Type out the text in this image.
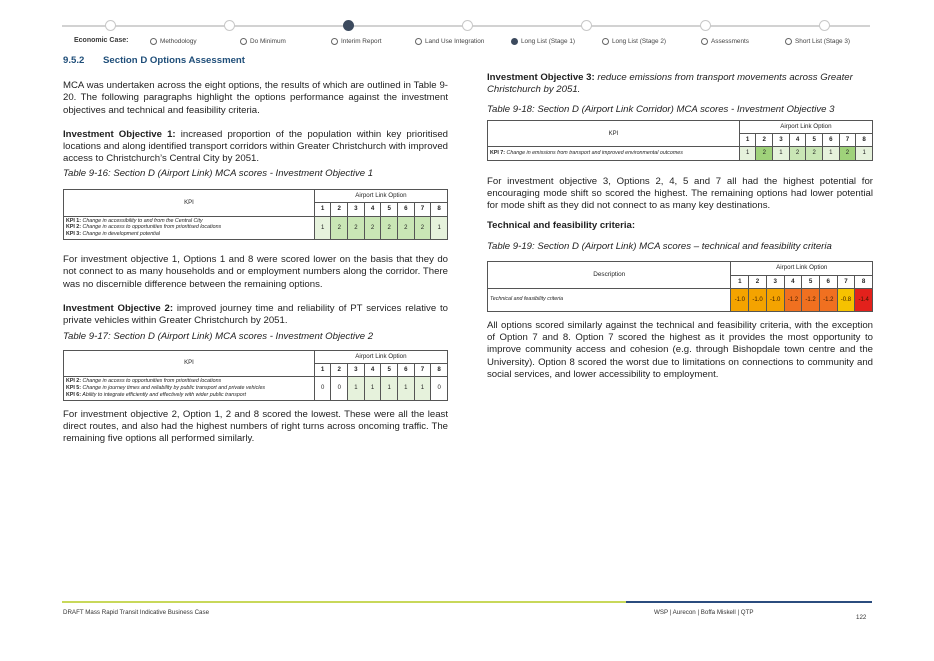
Economic Case:	Methodology	Do Minimum	Interim Report	Land Use Integration	Long List (Stage 1)	Long List (Stage 2)	Assessments	Short List (Stage 3)
9.5.2 Section D Options Assessment

MCA was undertaken across the eight options, the results of which are outlined in Table 9-20. The following paragraphs highlight the options performance against the investment objectives and technical and feasibility criteria.

Investment Objective 1: increased proportion of the population within key prioritised locations and along identified transport corridors within Greater Christchurch with improved access to Christchurch’s Central City by 2051.

Table 9-16: Section D (Airport Link) MCA scores - Investment Objective 1

KPI	Airport Link Option							
	1	2	3	4	5	6	7	8

KPI 1: Change in accessibility to and from the Central City
KPI 2: Change in access to opportunities from prioritised locations
KPI 3: Change in development potential	1	2	2	2	2	2	2	1

For investment objective 1, Options 1 and 8 were scored lower on the basis that they do not connect to as many households and or employment numbers along the corridor. There was no discernible difference between the remaining options.

Investment Objective 2: improved journey time and reliability of PT services relative to private vehicles within Greater Christchurch by 2051.

Table 9-17: Section D (Airport Link) MCA scores - Investment Objective 2

KPI	Airport Link Option							
	1	2	3	4	5	6	7	8

KPI 2: Change in access to opportunities from prioritised locations
KPI 5: Change in journey times and reliability by public transport and private vehicles
KPI 6: Ability to integrate efficiently and effectively with wider public transport	0	0	1	1	1	1	1	0

For investment objective 2, Option 1, 2 and 8 scored the lowest. These were all the least direct routes, and also had the highest numbers of right turns across oncoming traffic. The remaining five options all performed similarly.

Investment Objective 3: reduce emissions from transport movements across Greater Christchurch by 2051.

Table 9-18: Section D (Airport Link Corridor) MCA scores - Investment Objective 3

KPI	Airport Link Option							
	1	2	3	4	5	6	7	8

KPI 7: Change in emissions from transport and improved environmental outcomes	1	2	1	2	2	1	2	1

For investment objective 3, Options 2, 4, 5 and 7 all had the highest potential for encouraging mode shift so scored the highest. The remaining options had lower potential for mode shift as they did not connect to as many key destinations.

Technical and feasibility criteria:

Table 9-19: Section D (Airport Link) MCA scores – technical and feasibility criteria

Description	Airport Link Option							
	1	2	3	4	5	6	7	8
Technical and feasibility criteria	-1.0	-1.0	-1.0	-1.2	-1.2	-1.2	-0.8	-1.4

All options scored similarly against the technical and feasibility criteria, with the exception of Option 7 and 8. Option 7 scored the highest as it provides the most opportunity to improve community access and cohesion (e.g. through Bishopdale town centre and the University). Option 8 scored the worst due to limitations on connections to community and social services, and lower accessibility to employment.

DRAFT Mass Rapid Transit Indicative Business Case	WSP | Aurecon | Boffa Miskell | QTP
122
